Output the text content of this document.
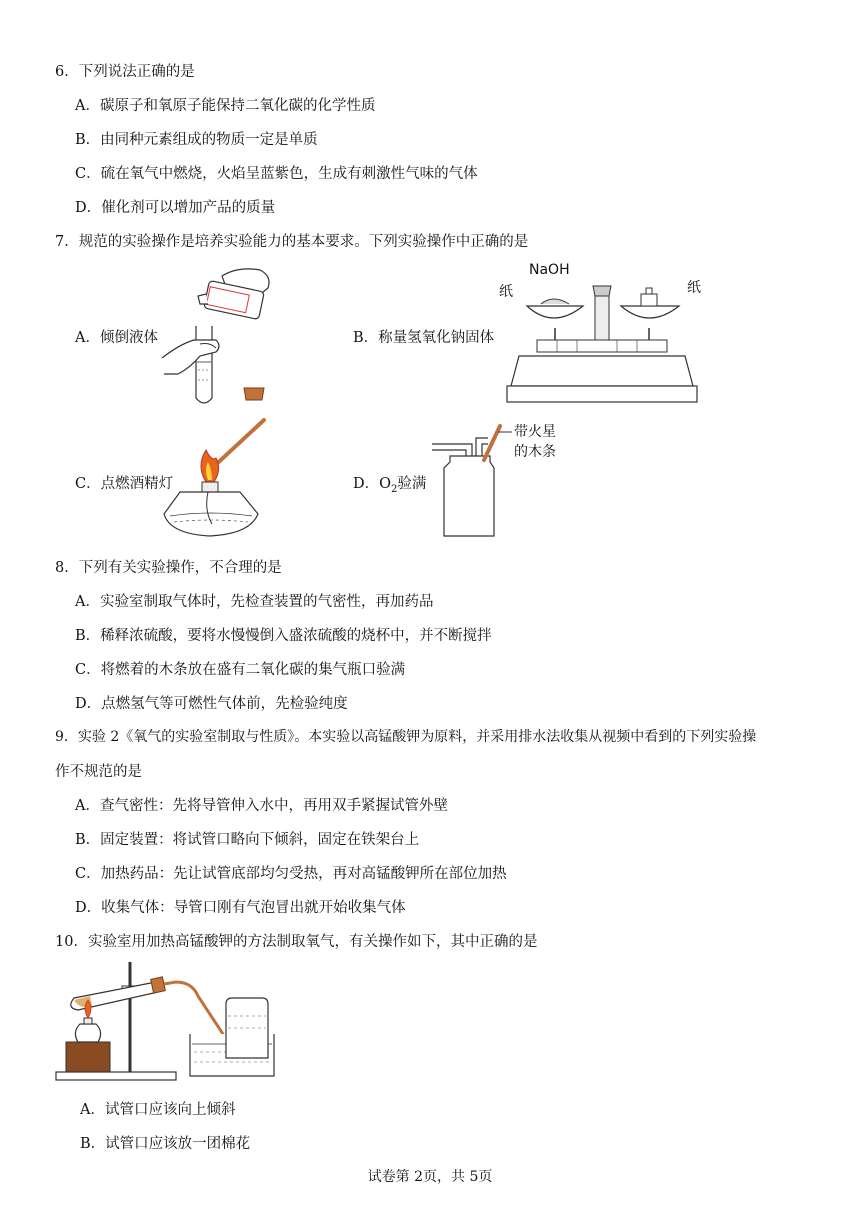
6．下列说法正确的是
A．碳原子和氧原子能保持二氧化碳的化学性质
B．由同种元素组成的物质一定是单质
C．硫在氧气中燃烧，火焰呈蓝紫色，生成有刺激性气味的气体
D．催化剂可以增加产品的质量
7．规范的实验操作是培养实验能力的基本要求。下列实验操作中正确的是
A．倾倒液体	B．称量氢氧化钠固体
NaOH
纸	纸
C．点燃酒精灯	D．$O_2$验满
带火星
的木条
8．下列有关实验操作，不合理的是
A．实验室制取气体时，先检查装置的气密性，再加药品
B．稀释浓硫酸，要将水慢慢倒入盛浓硫酸的烧杯中，并不断搅拌
C．将燃着的木条放在盛有二氧化碳的集气瓶口验满
D．点燃氢气等可燃性气体前，先检验纯度
9．实验 2《氧气的实验室制取与性质》。本实验以高锰酸钾为原料，并采用排水法收集从视频中看到的下列实验操
作不规范的是
A．查气密性：先将导管伸入水中，再用双手紧握试管外壁
B．固定装置：将试管口略向下倾斜，固定在铁架台上
C．加热药品：先让试管底部均匀受热，再对高锰酸钾所在部位加热
D．收集气体：导管口刚有气泡冒出就开始收集气体
10．实验室用加热高锰酸钾的方法制取氧气，有关操作如下，其中正确的是
A．试管口应该向上倾斜
B．试管口应该放一团棉花
试卷第 2页，共 5页
